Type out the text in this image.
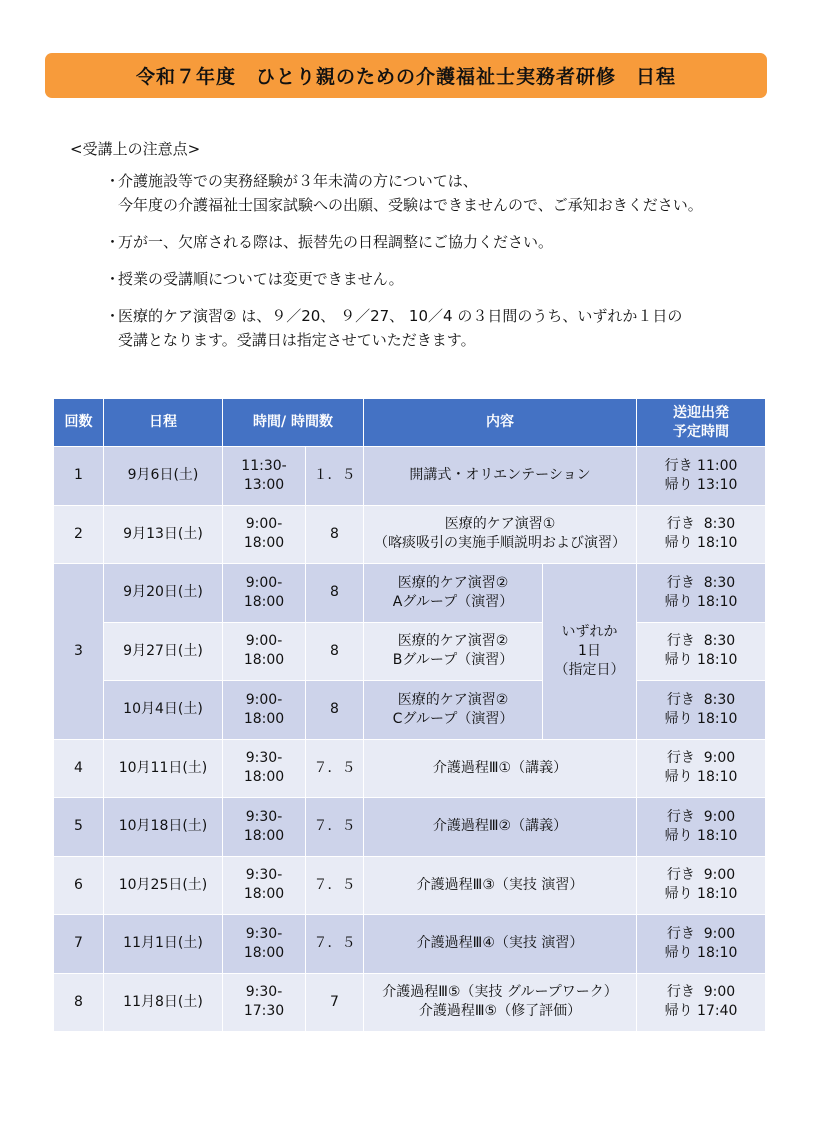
令和７年度　ひとり親のための介護福祉士実務者研修　日程
<受講上の注意点>
・
介護施設等での実務経験が３年未満の方については、
今年度の介護福祉士国家試験への出願、受験はできませんので、ご承知おきください。
・
万が一、欠席される際は、振替先の日程調整にご協力ください。
・
授業の受講順については変更できません。
・
医療的ケア演習② は、９／20、 ９／27、 10／4 の３日間のうち、いずれか１日の
受講となります。受講日は指定させていただきます。
回数	日程	時間/ 時間数		内容		送迎出発
予定時間

1	9月6日(土)	11:30-
13:00	１．５	開講式・オリエンテーション		行き 11:00
帰り 13:10

2	9月13日(土)	9:00-
18:00	8	医療的ケア演習①
（喀痰吸引の実施手順説明および演習）		行き  8:30
帰り 18:10

3	9月20日(土)	9:00-
18:00	8	医療的ケア演習②
Aグループ（演習）	いずれか
1日
（指定日）	行き  8:30
帰り 18:10

	9月27日(土)	9:00-
18:00	8	医療的ケア演習②
Bグループ（演習）		行き  8:30
帰り 18:10

	10月4日(土)	9:00-
18:00	8	医療的ケア演習②
Cグループ（演習）		行き  8:30
帰り 18:10

4	10月11日(土)	9:30-
18:00	７．５	介護過程Ⅲ①（講義）		行き  9:00
帰り 18:10

5	10月18日(土)	9:30-
18:00	７．５	介護過程Ⅲ②（講義）		行き  9:00
帰り 18:10

6	10月25日(土)	9:30-
18:00	７．５	介護過程Ⅲ③（実技 演習）		行き  9:00
帰り 18:10

7	11月1日(土)	9:30-
18:00	７．５	介護過程Ⅲ④（実技 演習）		行き  9:00
帰り 18:10

8	11月8日(土)	9:30-
17:30	7	介護過程Ⅲ⑤（実技 グループワーク）
介護過程Ⅲ⑤（修了評価）		行き  9:00
帰り 17:40
